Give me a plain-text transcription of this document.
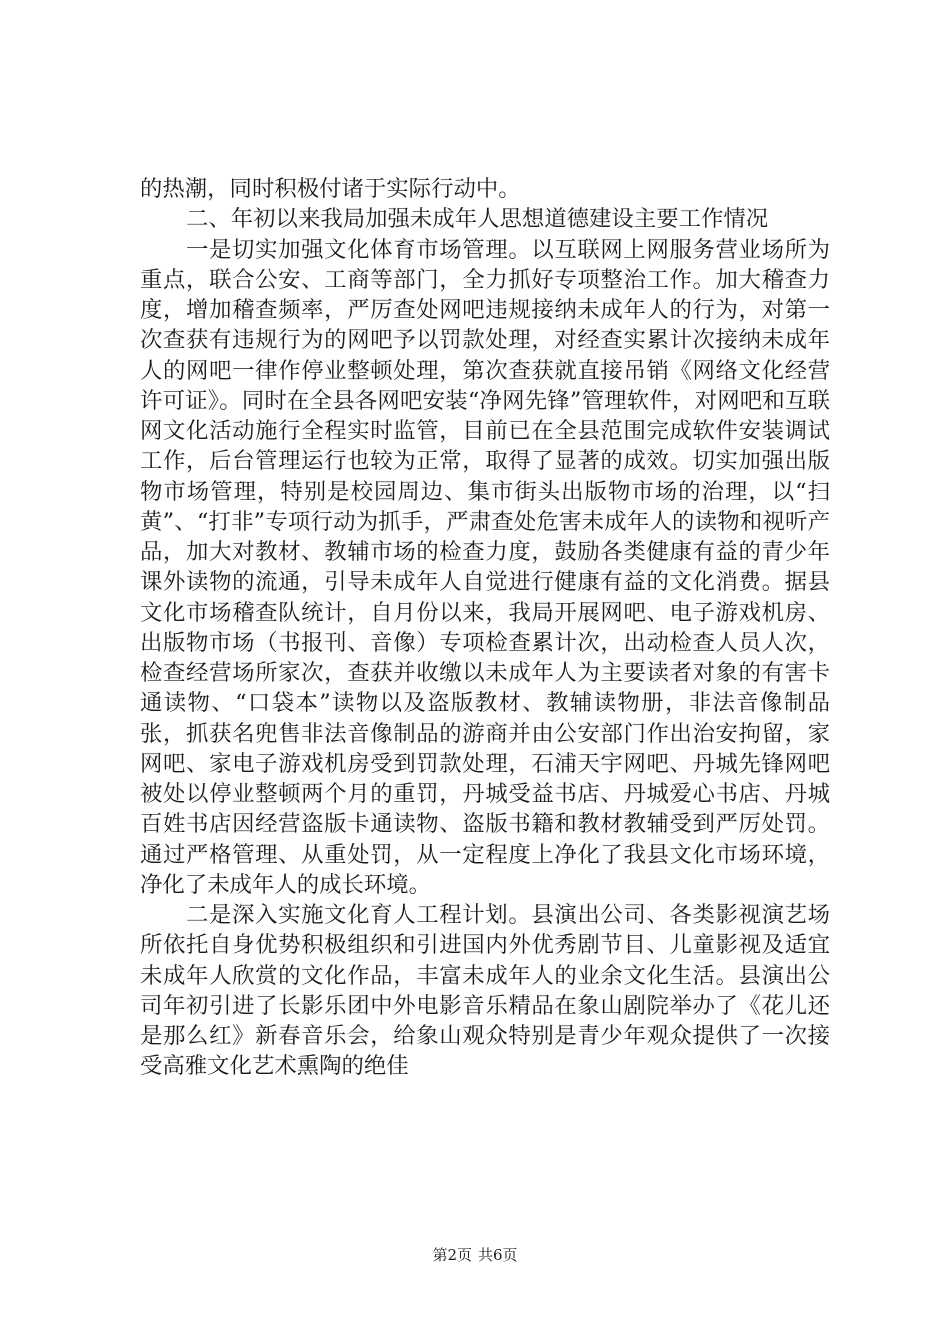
的热潮，同时积极付诸于实际行动中。

二、年初以来我局加强未成年人思想道德建设主要工作情况

一是切实加强文化体育市场管理。以互联网上网服务营业场所为重点，联合公安、工商等部门，全力抓好专项整治工作。加大稽查力度，增加稽查频率，严厉查处网吧违规接纳未成年人的行为，对第一次查获有违规行为的网吧予以罚款处理，对经查实累计次接纳未成年人的网吧一律作停业整顿处理，第次查获就直接吊销《网络文化经营许可证》。同时在全县各网吧安装“净网先锋”管理软件，对网吧和互联网文化活动施行全程实时监管，目前已在全县范围完成软件安装调试工作，后台管理运行也较为正常，取得了显著的成效。切实加强出版物市场管理，特别是校园周边、集市街头出版物市场的治理，以“扫黄”、“打非”专项行动为抓手，严肃查处危害未成年人的读物和视听产品，加大对教材、教辅市场的检查力度，鼓励各类健康有益的青少年课外读物的流通，引导未成年人自觉进行健康有益的文化消费。据县文化市场稽查队统计，自月份以来，我局开展网吧、电子游戏机房、出版物市场（书报刊、音像）专项检查累计次，出动检查人员人次，检查经营场所家次，查获并收缴以未成年人为主要读者对象的有害卡通读物、“口袋本”读物以及盗版教材、教辅读物册，非法音像制品张，抓获名兜售非法音像制品的游商并由公安部门作出治安拘留，家网吧、家电子游戏机房受到罚款处理，石浦天宇网吧、丹城先锋网吧被处以停业整顿两个月的重罚，丹城受益书店、丹城爱心书店、丹城百姓书店因经营盗版卡通读物、盗版书籍和教材教辅受到严厉处罚。通过严格管理、从重处罚，从一定程度上净化了我县文化市场环境，净化了未成年人的成长环境。

二是深入实施文化育人工程计划。县演出公司、各类影视演艺场所依托自身优势积极组织和引进国内外优秀剧节目、儿童影视及适宜未成年人欣赏的文化作品，丰富未成年人的业余文化生活。县演出公司年初引进了长影乐团中外电影音乐精品在象山剧院举办了《花儿还是那么红》新春音乐会，给象山观众特别是青少年观众提供了一次接受高雅文化艺术熏陶的绝佳

第2页 共6页
